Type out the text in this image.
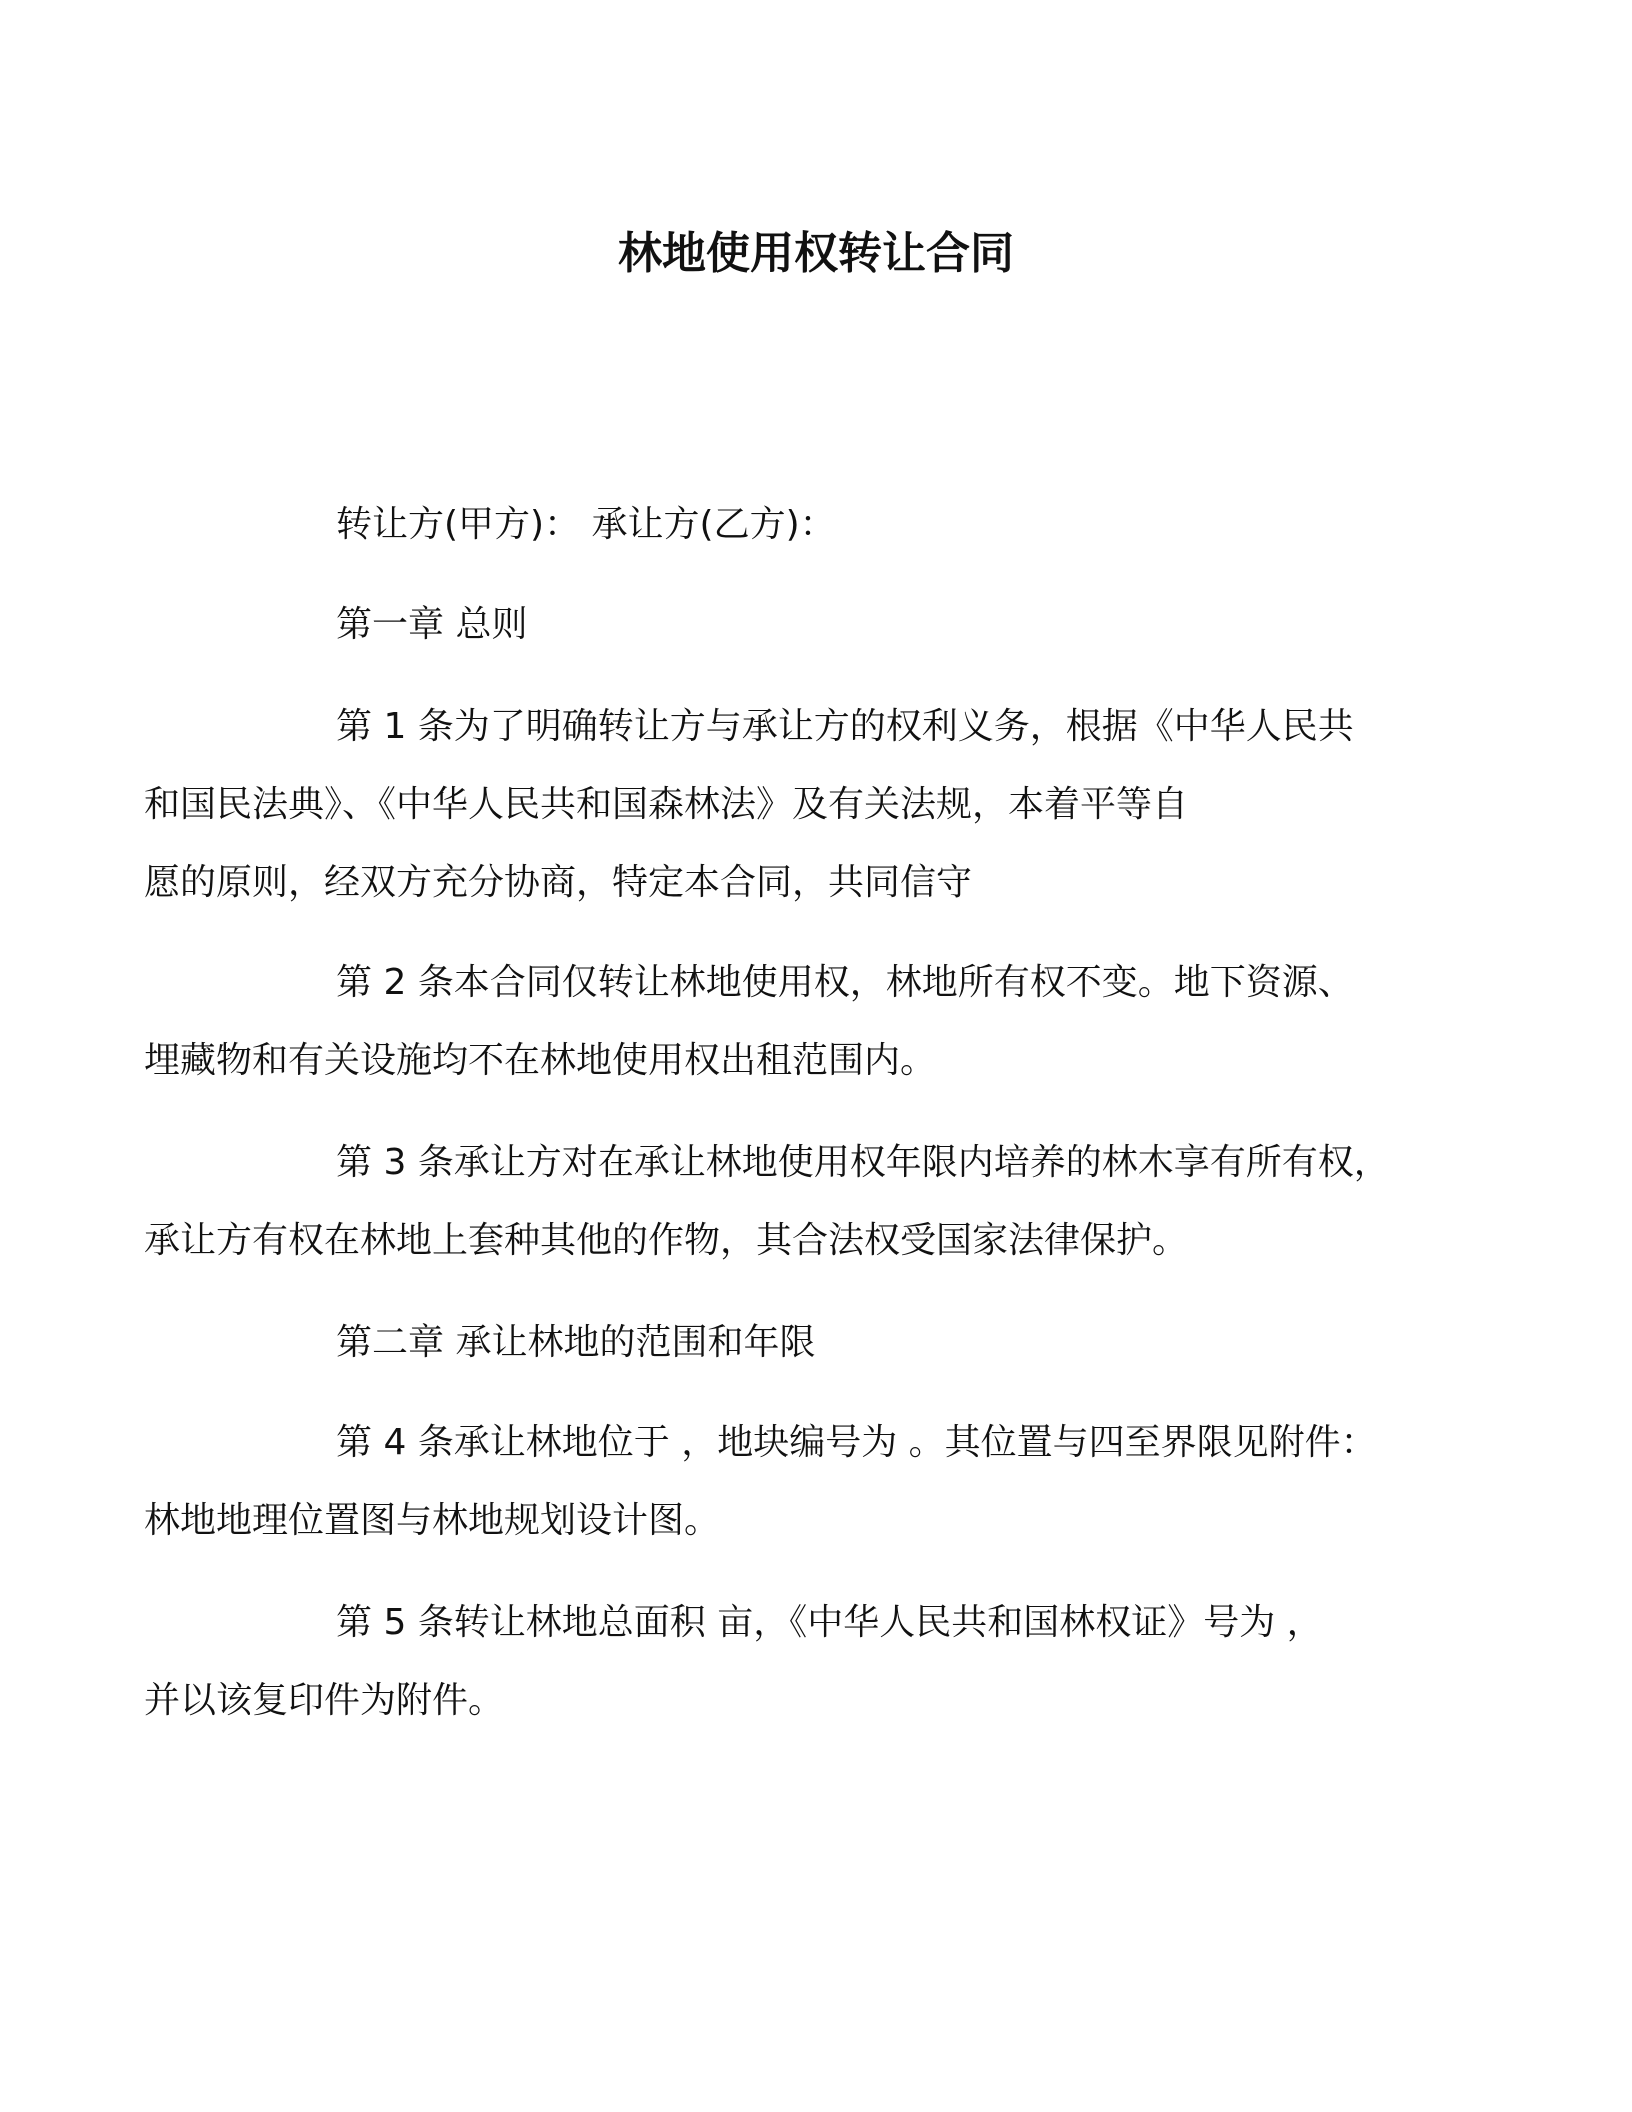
林地使用权转让合同

转让方(甲方)： 承让方(乙方)：

第一章 总则

第 1 条为了明确转让方与承让方的权利义务，根据《中华人民共
和国民法典》、《中华人民共和国森林法》及有关法规，本着平等自
愿的原则，经双方充分协商，特定本合同，共同信守

第 2 条本合同仅转让林地使用权，林地所有权不变。地下资源、
埋藏物和有关设施均不在林地使用权出租范围内。

第 3 条承让方对在承让林地使用权年限内培养的林木享有所有权，
承让方有权在林地上套种其他的作物，其合法权受国家法律保护。

第二章 承让林地的范围和年限

第 4 条承让林地位于 ，地块编号为 。其位置与四至界限见附件：
林地地理位置图与林地规划设计图。

第 5 条转让林地总面积 亩，《中华人民共和国林权证》号为 ，
并以该复印件为附件。
